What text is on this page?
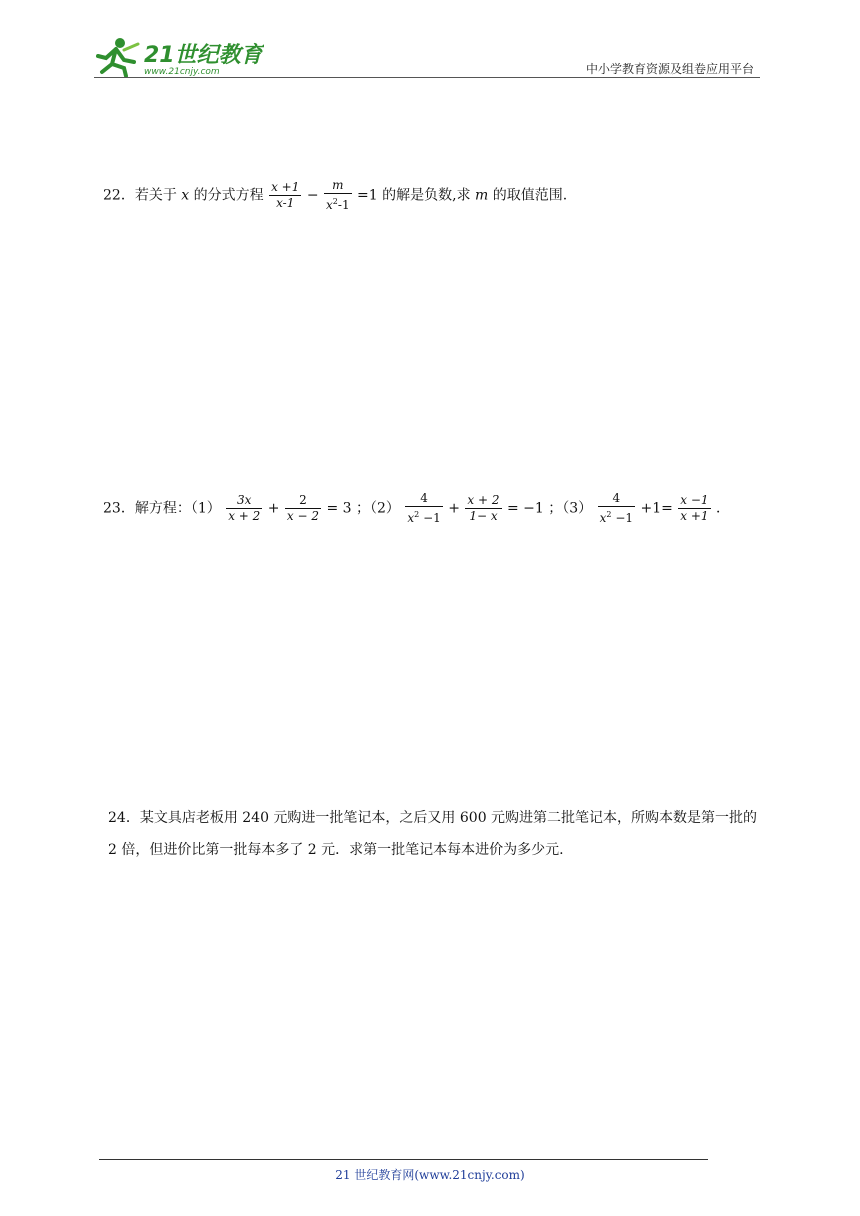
21世纪教育
www.21cnjy.com	中小学教育资源及组卷应用平台
22．若关于 x 的分式方程 $\frac{x +1}{x-1} - \frac{m}{x^2-1} =1$ 的解是负数,求 m 的取值范围.
23．解方程：$(1) \frac{3x}{x + 2} + \frac{2}{x - 2} = 3$ ；$(2) \frac{4}{x^2 -1} + \frac{x + 2}{1- x} = -1$ ；$(3) \frac{4}{x^2 -1} +1= \frac{x -1}{x +1}$ ．
24．某文具店老板用 240 元购进一批笔记本，之后又用 600 元购进第二批笔记本，所购本数是第一批的 2 倍，但进价比第一批每本多了 2 元．求第一批笔记本每本进价为多少元.
21 世纪教育网(www.21cnjy.com)
